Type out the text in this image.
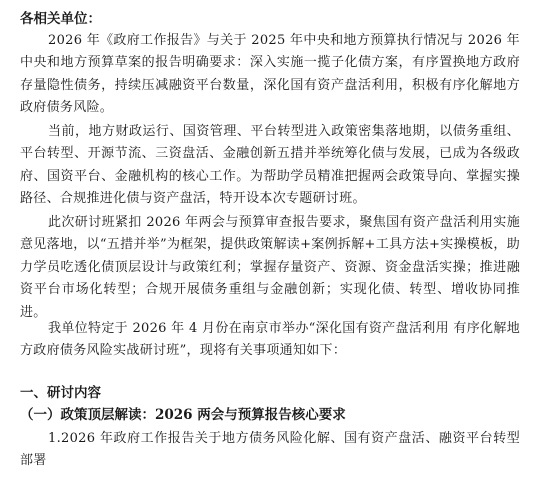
各相关单位：

2026 年《政府工作报告》与关于 2025 年中央和地方预算执行情况与 2026 年中央和地方预算草案的报告明确要求：深入实施一揽子化债方案，有序置换地方政府存量隐性债务，持续压减融资平台数量，深化国有资产盘活利用，积极有序化解地方政府债务风险。

当前，地方财政运行、国资管理、平台转型进入政策密集落地期，以债务重组、平台转型、开源节流、三资盘活、金融创新五措并举统筹化债与发展，已成为各级政府、国资平台、金融机构的核心工作。为帮助学员精准把握两会政策导向、掌握实操路径、合规推进化债与资产盘活，特开设本次专题研讨班。

此次研讨班紧扣 2026 年两会与预算审查报告要求，聚焦国有资产盘活利用实施意见落地，以“五措并举”为框架，提供政策解读+案例拆解+工具方法+实操模板，助力学员吃透化债顶层设计与政策红利；掌握存量资产、资源、资金盘活实操；推进融资平台市场化转型；合规开展债务重组与金融创新；实现化债、转型、增收协同推进。

我单位特定于 2026 年 4 月份在南京市举办“深化国有资产盘活利用 有序化解地方政府债务风险实战研讨班”，现将有关事项通知如下：

一、研讨内容
（一）政策顶层解读：2026 两会与预算报告核心要求

1.2026 年政府工作报告关于地方债务风险化解、国有资产盘活、融资平台转型部署
